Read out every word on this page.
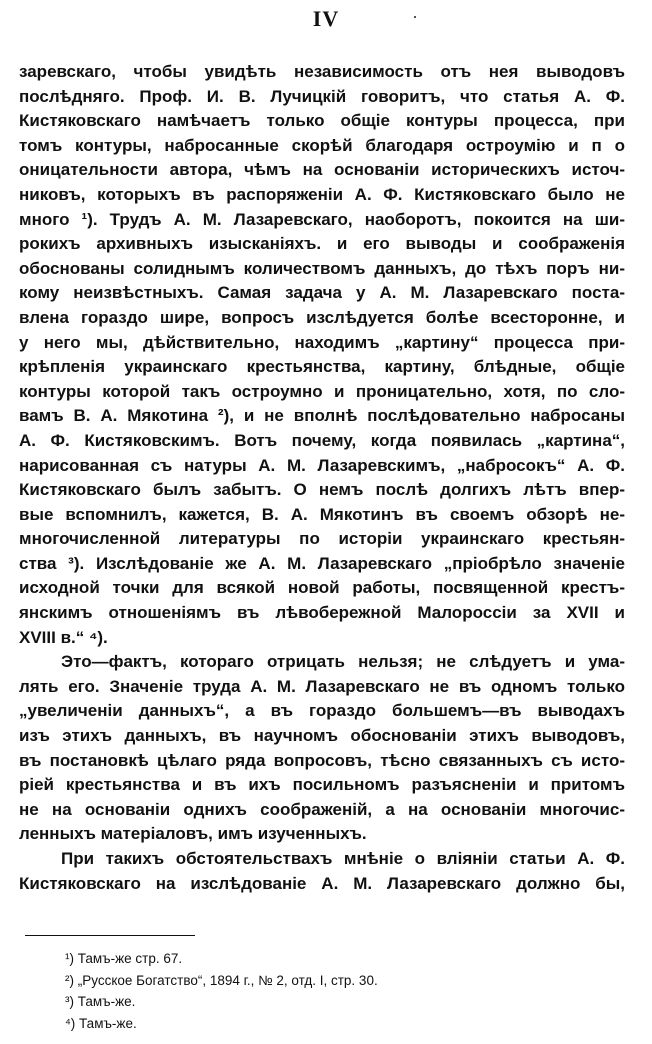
IV
заревскаго, чтобы увидѣть независимость отъ нея выводовъ
послѣдняго. Проф. И. В. Лучицкій говоритъ, что статья А. Ф.
Кистяковскаго намѣчаетъ только общіе контуры процесса, при
томъ контуры, набросанные скорѣй благодаря остроумію и п о
оницательности автора, чѣмъ на основаніи историческихъ источ-
никовъ, которыхъ въ распоряженіи А. Ф. Кистяковскаго было не
много ¹). Трудъ А. М. Лазаревскаго, наоборотъ, покоится на ши-
рокихъ архивныхъ изысканіяхъ. и его выводы и соображенія
обоснованы солиднымъ количествомъ данныхъ, до тѣхъ поръ ни-
кому неизвѣстныхъ. Самая задача у А. М. Лазаревскаго поста-
влена гораздо шире, вопросъ изслѣдуется болѣе всесторонне, и
у него мы, дѣйствительно, находимъ „картину“ процесса при-
крѣпленія украинскаго крестьянства, картину, блѣдные, общіе
контуры которой такъ остроумно и проницательно, хотя, по сло-
вамъ В. А. Мякотина ²), и не вполнѣ послѣдовательно набросаны
А. Ф. Кистяковскимъ. Вотъ почему, когда появилась „картина“,
нарисованная съ натуры А. М. Лазаревскимъ, „набросокъ“ А. Ф.
Кистяковскаго былъ забытъ. О немъ послѣ долгихъ лѣтъ впер-
вые вспомнилъ, кажется, В. А. Мякотинъ въ своемъ обзорѣ не-
многочисленной литературы по исторіи украинскаго крестьян-
ства ³). Изслѣдованіе же А. М. Лазаревскаго „пріобрѣло значеніе
исходной точки для всякой новой работы, посвященной крестъ-
янскимъ отношеніямъ въ лѣвобережной Малороссіи за XVII и
XVIII в.“ ⁴).
Это—фактъ, котораго отрицать нельзя; не слѣдуетъ и ума-
лять его. Значеніе труда А. М. Лазаревскаго не въ одномъ только
„увеличеніи данныхъ“, а въ гораздо большемъ—въ выводахъ
изъ этихъ данныхъ, въ научномъ обоснованіи этихъ выводовъ,
въ постановкѣ цѣлаго ряда вопросовъ, тѣсно связанныхъ съ исто-
ріей крестьянства и въ ихъ посильномъ разъясненіи и притомъ
не на основаніи однихъ соображеній, а на основаніи многочис-
ленныхъ матеріаловъ, имъ изученныхъ.
При такихъ обстоятельствахъ мнѣніе о вліяніи статьи А. Ф.
Кистяковскаго на изслѣдованіе А. М. Лазаревскаго должно бы,
¹) Тамъ-же стр. 67.
²) „Русское Богатство“, 1894 г., № 2, отд. I, стр. 30.
³) Тамъ-же.
⁴) Тамъ-же.
